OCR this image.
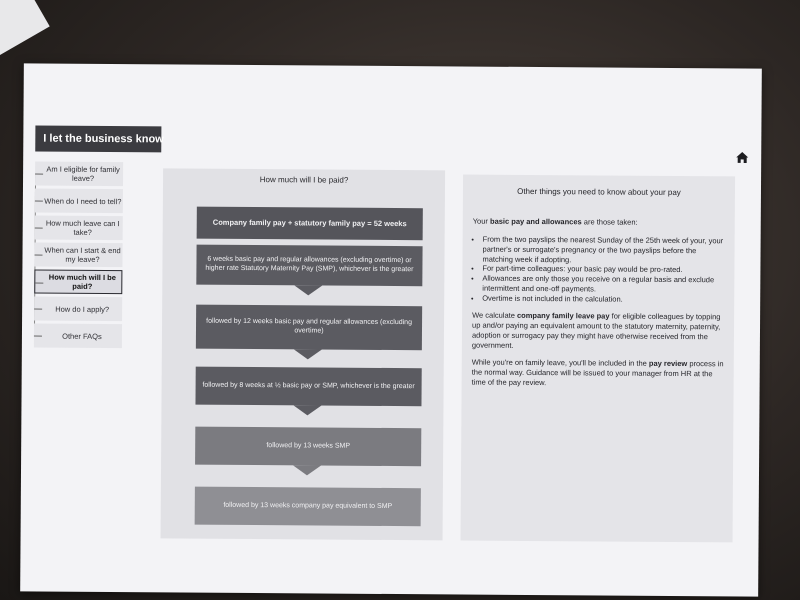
I let the business know
Am I eligible for family leave?
When do I need to tell?
How much leave can I take?
When can I start & end my leave?
How much will I be paid?
How do I apply?
Other FAQs
How much will I be paid?
Company family pay + statutory family pay = 52 weeks
6 weeks basic pay and regular allowances (excluding overtime) or higher rate Statutory Maternity Pay (SMP), whichever is the greater
followed by 12 weeks basic pay and regular allowances (excluding overtime)
followed by 8 weeks at ½ basic pay or SMP, whichever is the greater
followed by 13 weeks SMP
followed by 13 weeks company pay equivalent to SMP
Other things you need to know about your pay

Your basic pay and allowances are those taken:

• From the two payslips the nearest Sunday of the 25th week of your, your partner's or surrogate's pregnancy or the two payslips before the matching week if adopting.
• For part-time colleagues: your basic pay would be pro-rated.
• Allowances are only those you receive on a regular basis and exclude intermittent and one-off payments.
• Overtime is not included in the calculation.

We calculate company family leave pay for eligible colleagues by topping up and/or paying an equivalent amount to the statutory maternity, paternity, adoption or surrogacy pay they might have otherwise received from the government.

While you're on family leave, you'll be included in the pay review process in the normal way. Guidance will be issued to your manager from HR at the time of the pay review.
